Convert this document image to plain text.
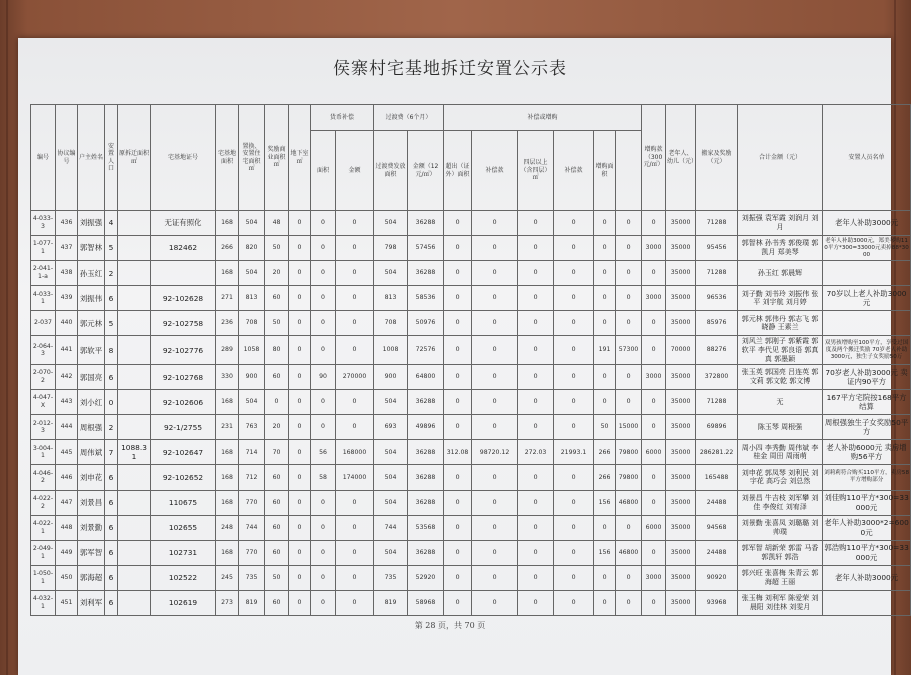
侯寨村宅基地拆迁安置公示表
编号	协议编号	户主姓名	安置人口	原拆迁面积㎡	宅基地证号	宅基地面积	置换、安置住宅面积㎡	奖励商业面积㎡	地下室㎡	货币补偿		过渡费（6个月）		补偿或增购						增购款（300元/㎡）	老年人、幼儿（元）	搬家及奖励（元）	合计金额（元）	安置人员名单	
										面积	金额	过渡费发放面积	金额（12元/㎡）	超出（证外）面积	补偿款	四层以上（含四层）㎡	补偿款	增购面积							
4-033-3	436	刘振强	4		无证有照化	168	504	48	0	0	0	504	36288	0	0	0	0	0	0	0	35000	71288	刘振强 袁军霞 刘润月 刘月	老年人补助3000元	
1-077-1	437	郭智林	5		182462	266	820	50	0	0	0	798	57456	0	0	0	0	0	0	3000	35000	95456	郭智林 孙书秀 郭俊璞 郭凯月 郑美琴	老年人补助3000元，郑美琴购110平方*300=33000元卖掉88*3000	
2-041-1-a	438	孙玉红	2			168	504	20	0	0	0	504	36288	0	0	0	0	0	0	0	35000	71288	孙玉红 郭晨辉		
4-033-1	439	刘振伟	6		92-102628	271	813	60	0	0	0	813	58536	0	0	0	0	0	0	3000	35000	96536	刘子勤 刘书玲 刘振伟 张平 刘宇航 刘月婷	70岁以上老人补助3000元	
2-037	440	郭元林	5		92-102758	236	708	50	0	0	0	708	50976	0	0	0	0	0	0	0	35000	85976	郭元林 郭伟丹 郭志飞 郭晓静 王素兰		
2-064-3	441	郭软平	8		92-102776	289	1058	80	0	0	0	1008	72576	0	0	0	0	191	57300	0	70000	88276	刘风兰 郭刚子 郭紫霞 郭软平 李代见 郭良语 郭真真 郭墨颖	双男孩增购至100平方，享受过国度及两个搬迁奖励 70岁老人补助3000元，独生子女奖励50万	
2-070-2	442	郭国亮	6		92-102768	330	900	60	0	90	270000	900	64800	0	0	0	0	0	0	3000	35000	372800	张玉英 郭国亮 吕连英 郭文莉 郭文乾 郭文博	70岁老人补助3000元 卖证内90平方	
4-047-X	443	刘小红	0		92-102606	168	504	0	0	0	0	504	36288	0	0	0	0	0	0	0	35000	71288	无	167平方宅院按168平方结算	
2-012-3	444	周根强	2		92-1/2755	231	763	20	0	0	0	693	49896	0	0	0	0	50	15000	0	35000	69896	陈玉琴 周根强	周根强独生子女奖励50平方	
3-004-1	445	周伟斌	7	1088.31	92-102647	168	714	70	0	56	168000	504	36288	312.08	98720.12	272.03	21993.1	266	79800	6000	35000	286281.22	周小四 李秀勤 周伟斌 李桂金 周田 周雨萌	老人补助6000元 卖房增购56平方	
4-046-2	446	刘申花	6		92-102652	168	712	60	0	58	174000	504	36288	0	0	0	0	266	79800	0	35000	165488	刘申花 郭凤琴 刘利民 刘宇花 高巧会 刘总然	刘莉莉符合购买110平方，卖房58平方增购部分	
4-022-2	447	刘景昌	6		110675	168	770	60	0	0	0	504	36288	0	0	0	0	156	46800	0	35000	24488	刘景昌 牛吉枝 刘军攀 刘佳 李俊红 刘宥泽	刘佳购110平方*300=33000元	
4-022-1	448	刘景勤	6		102655	248	744	60	0	0	0	744	53568	0	0	0	0	0	0	6000	35000	94568	刘景勤 张喜凤 刘璐璐 刘帅璞	老年人补助3000*2=6000元	
2-049-1	449	郭军智	6		102731	168	770	60	0	0	0	504	36288	0	0	0	0	156	46800	0	35000	24488	郭军智 胡新荣 郭雷 马香 郭凯轩 郭浩	郭浩购110平方*300=33000元	
1-050-1	450	郭海超	6		102522	245	735	50	0	0	0	735	52920	0	0	0	0	0	0	3000	35000	90920	郭兴旺 张喜梅 朱青云 郭海超 王丽	老年人补助3000元	
4-032-1	451	刘利军	6		102619	273	819	60	0	0	0	819	58968	0	0	0	0	0	0	0	35000	93968	张玉梅 刘利军 陈爱荣 刘晨阳 刘佳林 刘雯月		
第 28 页，共 70 页
